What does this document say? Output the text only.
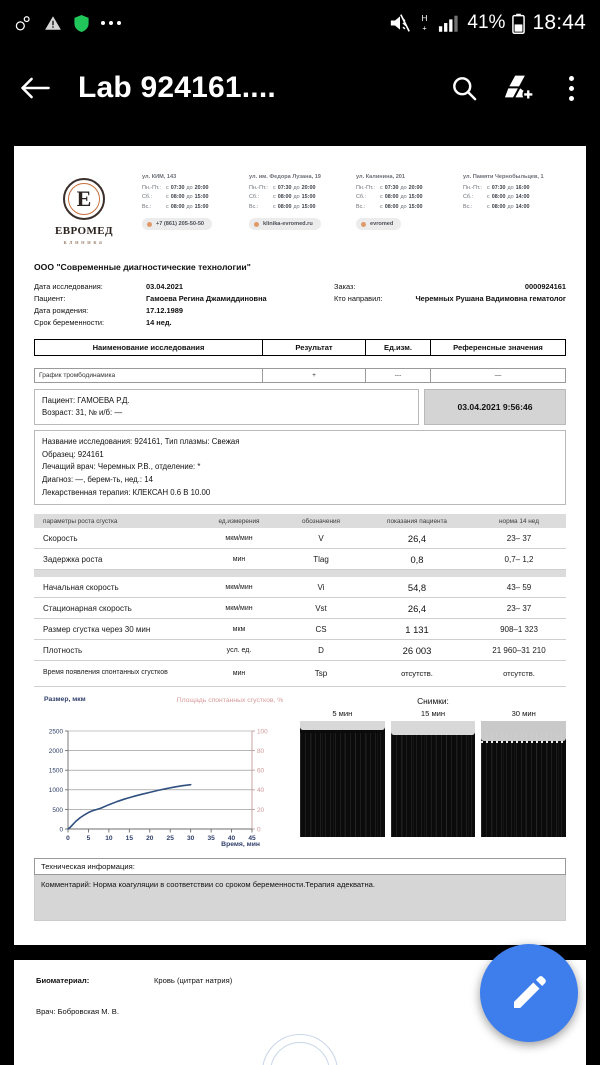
H
+ 41% 18:44
Lab 924161....
E
ЕВРОМЕД
клиника
ул. КИМ, 143
Пн.-Пт.: с 07:30 до 20:00
Сб.:	с 08:00 до 15:00
Вс.:	с 08:00 до 15:00
+7 (861) 205-50-50
ул. им. Федора Лузана, 19
Пн.-Пт.: с 07:30 до 20:00
Сб.:	с 08:00 до 15:00
Вс.:	с 08:00 до 15:00
klinika-evromed.ru
ул. Калинина, 201
Пн.-Пт.: с 07:30 до 20:00
Сб.:	с 08:00 до 15:00
Вс.:	с 08:00 до 15:00
evromed
ул. Памяти Чернобыльцев, 1
Пн.-Пт.: с 07:30 до 16:00
Сб.:	с 08:00 до 14:00
Вс.:	с 08:00 до 14:00
ООО "Современные диагностические технологии"
Дата исследования:	03.04.2021
Пациент:	Гамоева Регина Джамиддиновна
Дата рождения:	17.12.1989
Срок беременности:	14 нед.
Заказ:	0000924161
Кто направил:	Черемных Рушана Вадимовна гематолог
Наименование исследования	Результат	Ед.изм.	Референсные значения
График тромбодинамика	+	---	—
Пациент: ГАМОЕВА Р.Д.
Возраст: 31, № и/б: —
03.04.2021 9:56:46
Название исследования: 924161, Тип плазмы: Свежая
Образец: 924161
Лечащий врач: Черемных Р.В., отделение: *
Диагноз: —, берем-ть, нед.: 14
Лекарственная терапия: КЛЕКСАН 0.6 В 10.00
параметры роста сгустка	ед.измерения	обозначения	показания пациента	норма 14 нед
Скорость	мкм/мин	V	26,4	23– 37
Задержка роста	мин	Tlag	0,8	0,7– 1,2
Начальная скорость	мкм/мин	Vi	54,8	43– 59
Стационарная скорость	мкм/мин	Vst	26,4	23– 37
Размер сгустка через 30 мин	мкм	CS	1 131	908–1 323
Плотность	усл. ед.	D	26 003	21 960–31 210
Время появления спонтанных сгустков	мин	Tsp	отсутств.	отсутств.
Размер, мкм	Площадь спонтанных сгустков, %
0
500
1000
1500
2000
2500
0
20
40
60
80
100
0	5 10 15 20 25 30 35 40 45
Время, мин
Снимки:
5 мин	15 мин	30 мин
Техническая информация:
Комментарий: Норма коагуляции в соответствии со сроком беременности.Терапия адекватна.
Биоматериал:	Кровь (цитрат натрия)
Врач: Бобровская М. В.
